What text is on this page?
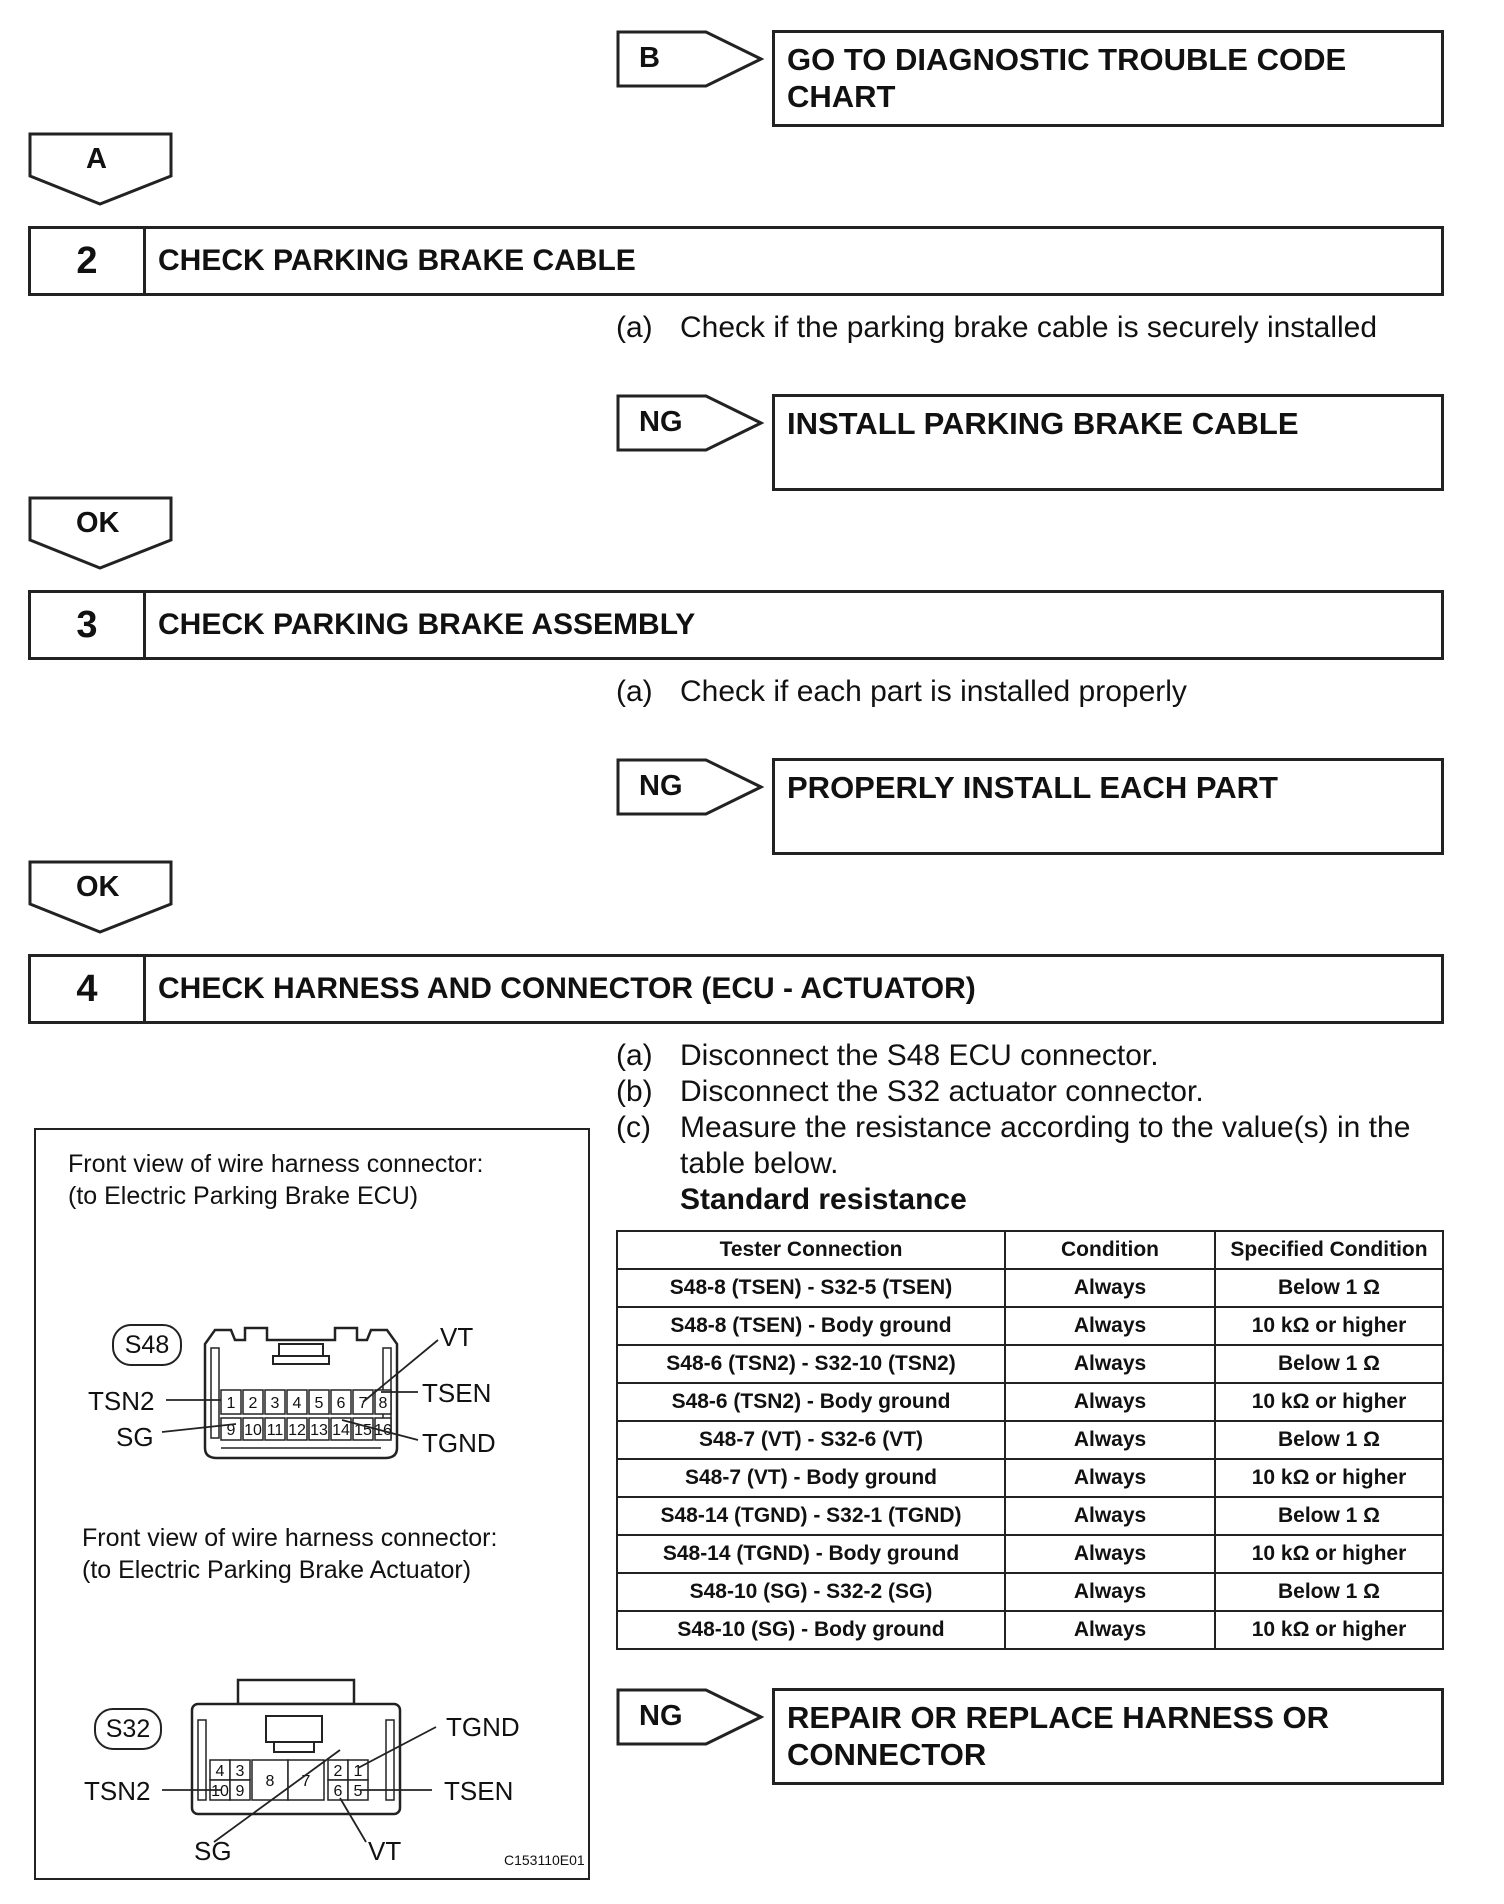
B	GO TO DIAGNOSTIC TROUBLE CODE
CHART
A
2	CHECK PARKING BRAKE CABLE
(a) Check if the parking brake cable is securely installed
NG	INSTALL PARKING BRAKE CABLE
OK
3	CHECK PARKING BRAKE ASSEMBLY
(a) Check if each part is installed properly
NG	PROPERLY INSTALL EACH PART
OK
4	CHECK HARNESS AND CONNECTOR (ECU - ACTUATOR)
(a) Disconnect the S48 ECU connector.
(b) Disconnect the S32 actuator connector.
(c) Measure the resistance according to the value(s) in the
table below.
Standard resistance
Tester Connection	Condition	Specified Condition
S48-8 (TSEN) - S32-5 (TSEN)	Always	Below 1 Ω
S48-8 (TSEN) - Body ground	Always	10 kΩ or higher
S48-6 (TSN2) - S32-10 (TSN2)	Always	Below 1 Ω
S48-6 (TSN2) - Body ground	Always	10 kΩ or higher
S48-7 (VT) - S32-6 (VT)	Always	Below 1 Ω
S48-7 (VT) - Body ground	Always	10 kΩ or higher
S48-14 (TGND) - S32-1 (TGND)	Always	Below 1 Ω
S48-14 (TGND) - Body ground	Always	10 kΩ or higher
S48-10 (SG) - S32-2 (SG)	Always	Below 1 Ω
S48-10 (SG) - Body ground	Always	10 kΩ or higher
NG	REPAIR OR REPLACE HARNESS OR
CONNECTOR
Front view of wire harness connector:
(to Electric Parking Brake ECU)
S48
1 2 3 4 5 6 7 8
9 10 11 12 13 14 15 16
VT
TSN2	TSEN
SG	TGND
Front view of wire harness connector:
(to Electric Parking Brake Actuator)
S32
4 3
10 9
8 7
2 1
6 5
TGND
TSN2	TSEN
SG	VT	C153110E01
